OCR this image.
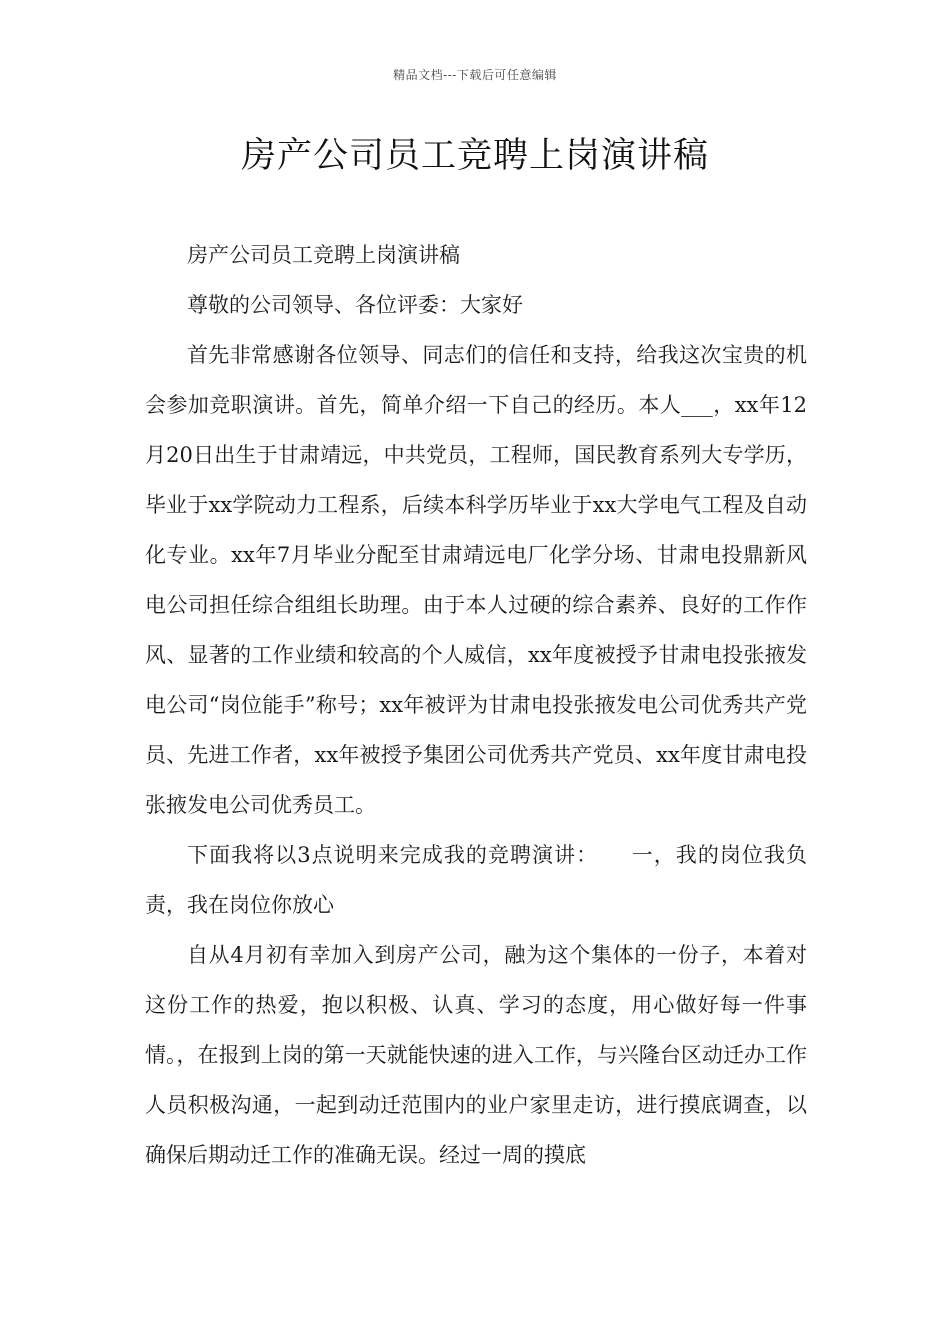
精品文档---下载后可任意编辑
房产公司员工竞聘上岗演讲稿

房产公司员工竞聘上岗演讲稿

尊敬的公司领导、各位评委：大家好

首先非常感谢各位领导、同志们的信任和支持，给我这次宝贵的机会参加竞职演讲。首先，简单介绍一下自己的经历。本人___，xx年12月20日出生于甘肃靖远，中共党员，工程师，国民教育系列大专学历，毕业于xx学院动力工程系，后续本科学历毕业于xx大学电气工程及自动化专业。xx年7月毕业分配至甘肃靖远电厂化学分场、甘肃电投鼎新风电公司担任综合组组长助理。由于本人过硬的综合素养、良好的工作作风、显著的工作业绩和较高的个人威信，xx年度被授予甘肃电投张掖发电公司“岗位能手”称号；xx年被评为甘肃电投张掖发电公司优秀共产党员、先进工作者，xx年被授予集团公司优秀共产党员、xx年度甘肃电投张掖发电公司优秀员工。

下面我将以3点说明来完成我的竞聘演讲：　　一，我的岗位我负责，我在岗位你放心

自从4月初有幸加入到房产公司，融为这个集体的一份子，本着对这份工作的热爱，抱以积极、认真、学习的态度，用心做好每一件事情。，在报到上岗的第一天就能快速的进入工作，与兴隆台区动迁办工作人员积极沟通，一起到动迁范围内的业户家里走访，进行摸底调查，以确保后期动迁工作的准确无误。经过一周的摸底
